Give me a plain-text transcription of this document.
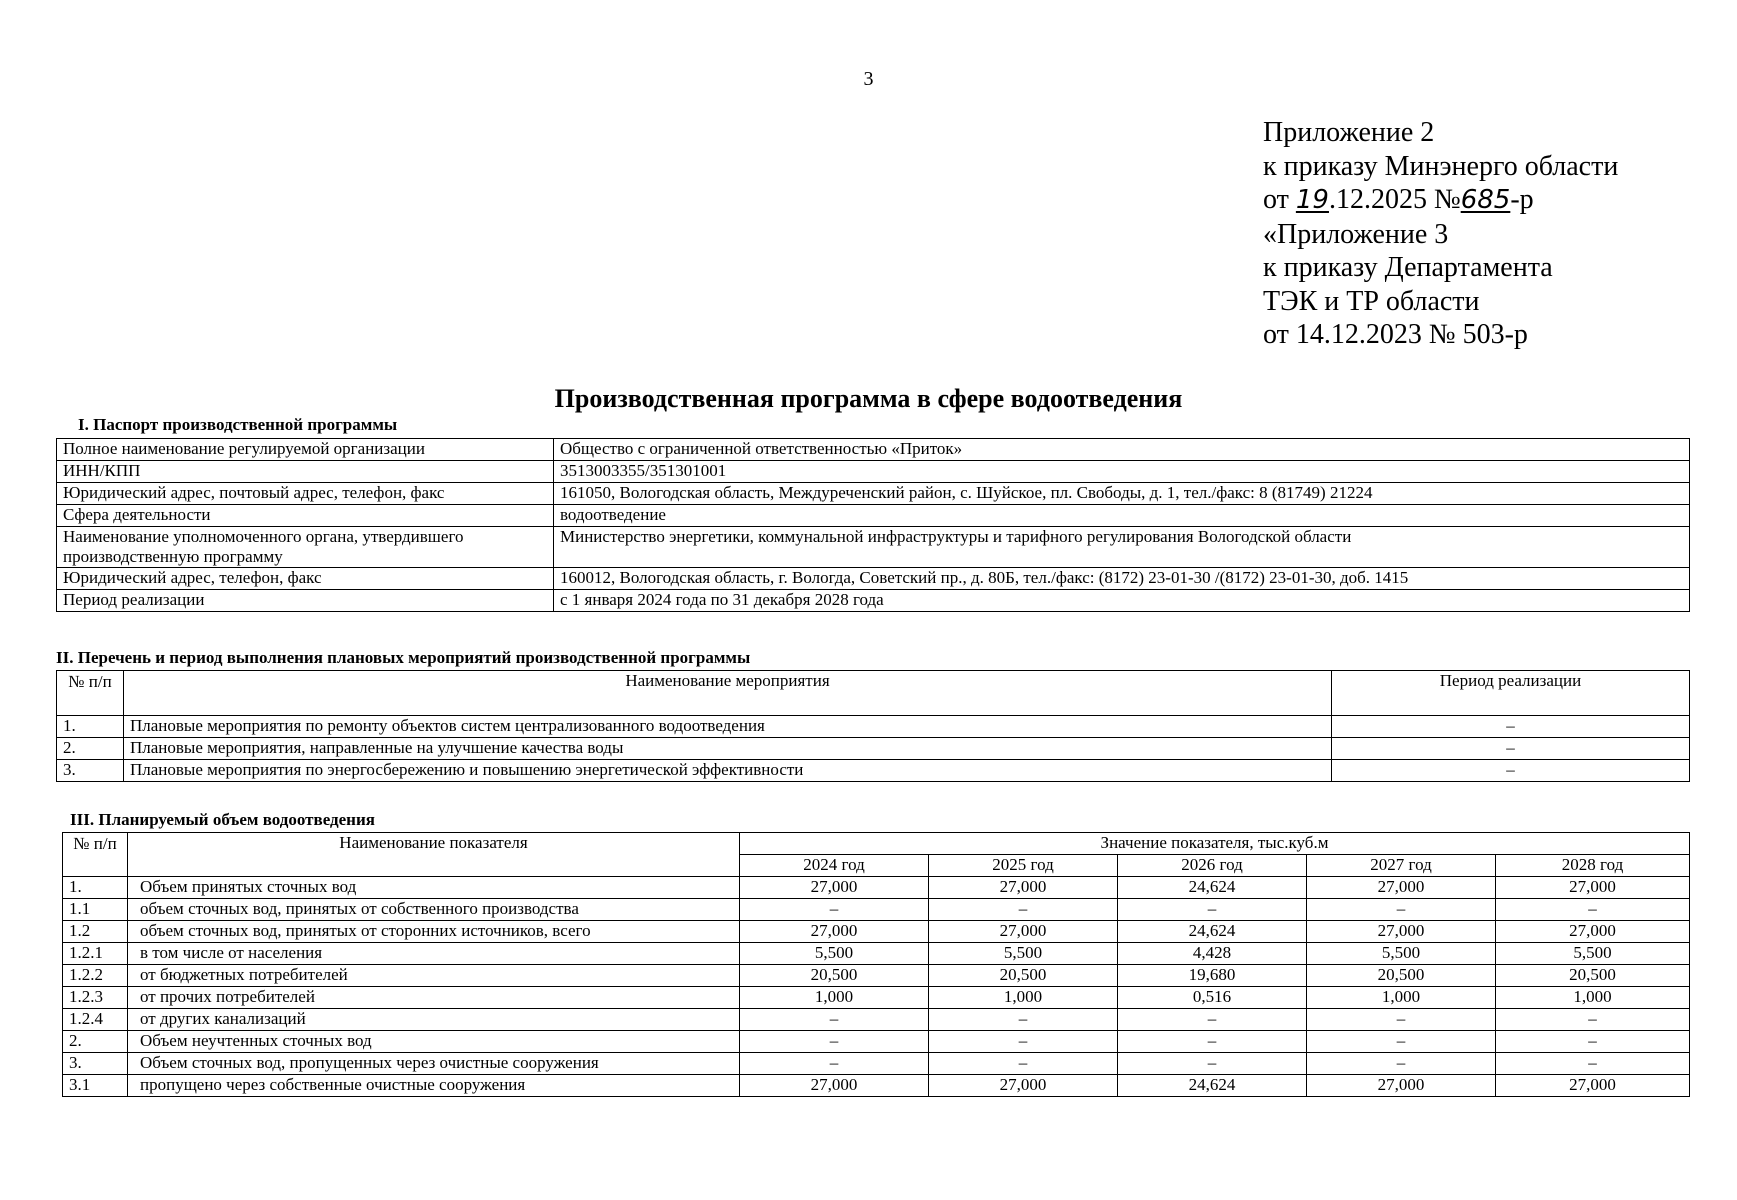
3
Приложение 2
к приказу Минэнерго области
от 19.12.2025 №685-р
«Приложение 3
к приказу Департамента
ТЭК и ТР области
от 14.12.2023 № 503-р
Производственная программа в сфере водоотведения
I. Паспорт производственной программы
Полное наименование регулируемой организации	Общество с ограниченной ответственностью «Приток»
ИНН/КПП	3513003355/351301001
Юридический адрес, почтовый адрес, телефон, факс	161050, Вологодская область, Междуреченский район, с. Шуйское, пл. Свободы, д. 1, тел./факс: 8 (81749) 21224
Сфера деятельности	водоотведение
Наименование уполномоченного органа, утвердившего производственную программу	Министерство энергетики, коммунальной инфраструктуры и тарифного регулирования Вологодской области
Юридический адрес, телефон, факс	160012, Вологодская область, г. Вологда, Советский пр., д. 80Б, тел./факс: (8172) 23-01-30 /(8172) 23-01-30, доб. 1415
Период реализации	с 1 января 2024 года по 31 декабря 2028 года
II. Перечень и период выполнения плановых мероприятий производственной программы
№ п/п	Наименование мероприятия	Период реализации
1.	Плановые мероприятия по ремонту объектов систем централизованного водоотведения	–
2.	Плановые мероприятия, направленные на улучшение качества воды	–
3.	Плановые мероприятия по энергосбережению и повышению энергетической эффективности	–
III. Планируемый объем водоотведения
№ п/п	Наименование показателя	Значение показателя, тыс.куб.м				
		2024 год	2025 год	2026 год	2027 год	2028 год
1.	Объем принятых сточных вод	27,000	27,000	24,624	27,000	27,000
1.1	объем сточных вод, принятых от собственного производства	–	–	–	–	–
1.2	объем сточных вод, принятых от сторонних источников, всего	27,000	27,000	24,624	27,000	27,000
1.2.1	в том числе от населения	5,500	5,500	4,428	5,500	5,500
1.2.2	от бюджетных потребителей	20,500	20,500	19,680	20,500	20,500
1.2.3	от прочих потребителей	1,000	1,000	0,516	1,000	1,000
1.2.4	от других канализаций	–	–	–	–	–
2.	Объем неучтенных сточных вод	–	–	–	–	–
3.	Объем сточных вод, пропущенных через очистные сооружения	–	–	–	–	–
3.1	пропущено через собственные очистные сооружения	27,000	27,000	24,624	27,000	27,000
